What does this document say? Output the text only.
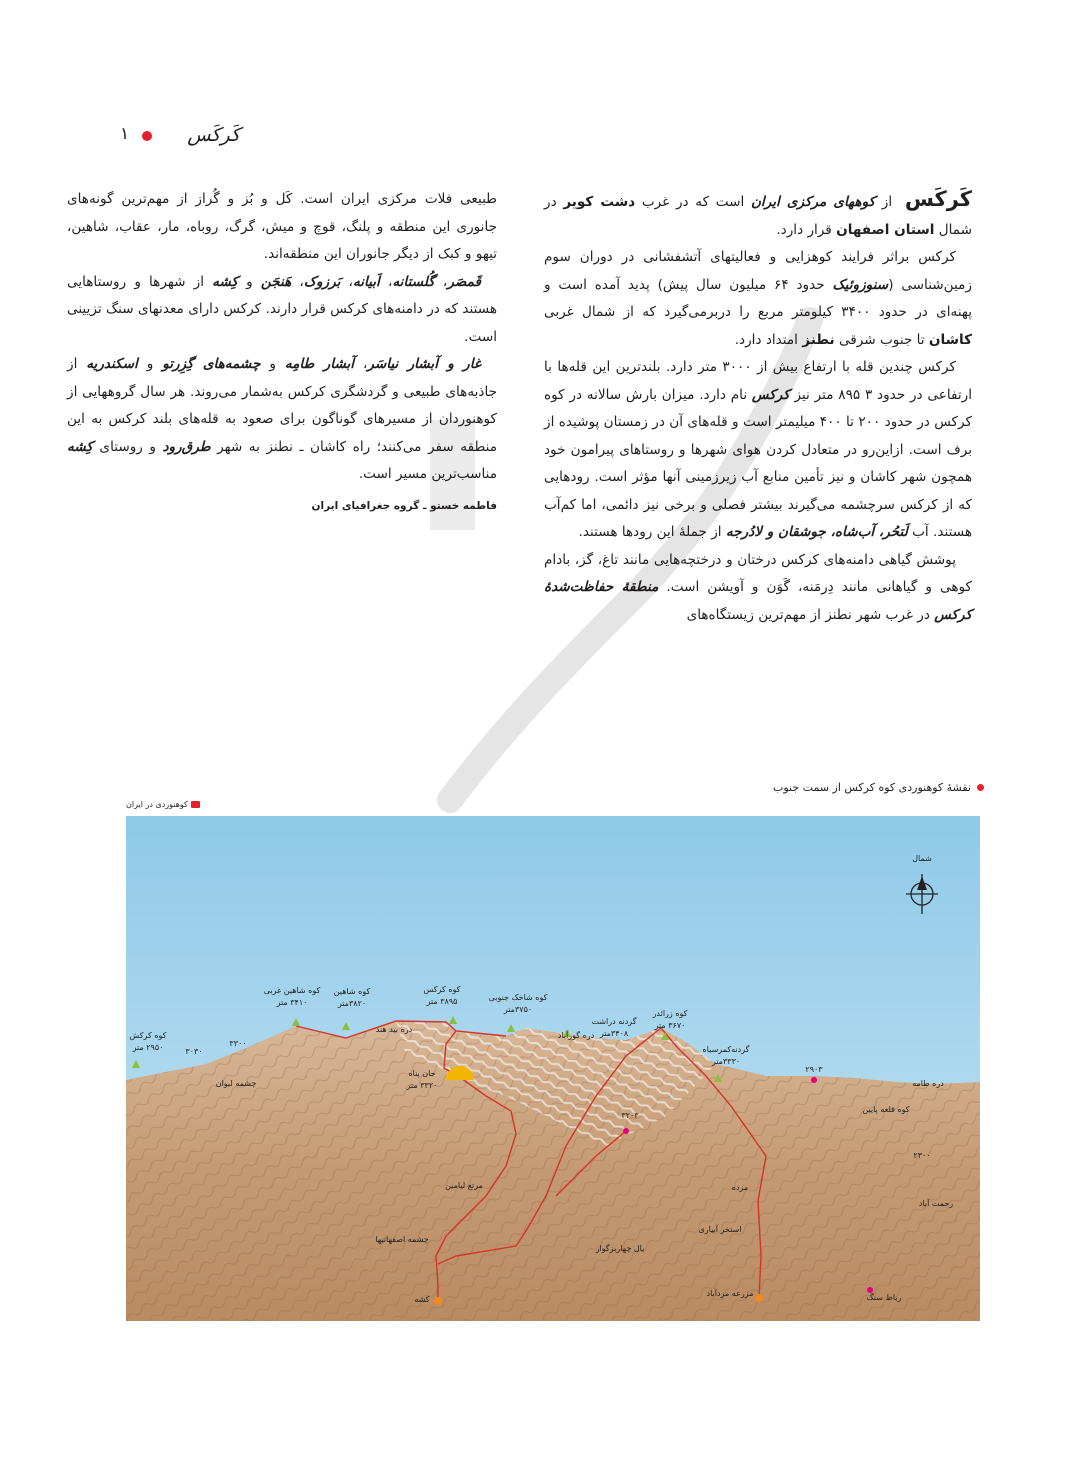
کَرکَس
۱

کَرکَس از کوههای مرکزی ایران است که در غرب دشت کویر در شمال استان اصفهان قرار دارد.

کرکس براثر فرایند کوهزایی و فعالیتهای آتشفشانی در دوران سوم زمین‌شناسی (سنوزوئیک حدود ۶۴ میلیون سال پیش) پدید آمده است و پهنه‌ای در حدود ۳۴۰۰ کیلومتر مربع را دربرمی‌گیرد که از شمال غربی کاشان تا جنوب شرقی نطنز امتداد دارد.

کرکس چندین قله با ارتفاع بیش از ۳۰۰۰ متر دارد. بلندترین این قله‌ها با ارتفاعی در حدود ۳ ۸۹۵ متر نیز کرکس نام دارد. میزان بارش سالانه در کوه کرکس در حدود ۲۰۰ تا ۴۰۰ میلیمتر است و قله‌های آن در زمستان پوشیده از برف است. ازاین‌رو در متعادل کردن هوای شهرها و روستاهای پیرامون خود همچون شهر کاشان و نیز تأمین منابع آب زیرزمینی آنها مؤثر است. رودهایی که از کرکس سرچشمه می‌گیرند بیشتر فصلی و برخی نیز دائمی، اما کم‌آب هستند. آب لَتحُر، آب‌شاه، جوشقان و لادُرجه از جملهٔ این رودها هستند.

پوشش گیاهی دامنه‌های کرکس درختان و درختچه‌هایی مانند تاغ، گز، بادام کوهی و گیاهانی مانند دِرمَنه، گَوَن و آویشن است. منطقهٔ حفاظت‌شدهٔ کرکس در غرب شهر نطنز از مهم‌ترین زیستگاه‌های

طبیعی فلات مرکزی ایران است. کَل و بُز و گُراز از مهم‌ترین گونه‌های جانوری این منطقه و پلنگ، قوچ و میش، گرگ، روباه، مار، عقاب، شاهین، تیهو و کبک از دیگر جانوران این منطقه‌اند.

قَمصَر، گُلستانه، اَبیانه، بَرزوک، هَنجَن و کِشه از شهرها و روستاهایی هستند که در دامنه‌های کرکس قرار دارند. کرکس دارای معدنهای سنگ تزیینی است.

غار و آبشار نیاسَر، آبشار طامِه و چشمه‌های گِزِرتو و اسکندریه از جاذبه‌های طبیعی و گردشگری کرکس به‌شمار می‌روند. هر سال گروههایی از کوهنوردان از مسیرهای گوناگون برای صعود به قله‌های بلند کرکس به این منطقه سفر می‌کنند؛ راه کاشان ـ نطنز به شهر طرق‌رود و روستای کِشه مناسب‌ترین مسیر است.

فاطمه خستو ـ گروه جغرافیای ایران

نقشهٔ کوهنوردی کوه کرکس از سمت جنوب
کوهنوردی در ایران
شمال
کوه کرکش
۲۹۵۰ متر	۳۰۳۰
۳۳۰۰
کوه شاهین غربی
۳۴۱۰ متر
کوه شاهین
۳۸۲۰متر
کوه کرکس
۳۸۹۵ متر	کوه شاخک جنوبی
۳۷۵۰متر
گردنه دراشت
۳۴۰۸متر
کوه زرائدر
۳۶۷۰ متر
گردنه‌کمرسیاه
۳۳۳۰متر
دره بید هند
دره گورآباد
چشمه لیوان
جان پناه
۳۳۲۰ متر
مرتع لیامین
چشمه اصفهانیها
کشه
یال چهاربزگوار
استخر آبیاری
مزرعه مزدآباد
مزده
۳۲۰۳
۲۹۰۳
دره طامه
کوه قلعه پایین
۲۳۰۰
رحمت آباد
رباط سنگ
